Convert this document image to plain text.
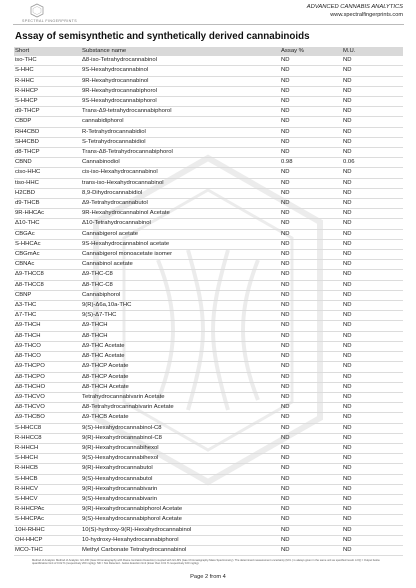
SPECTRAL FINGERPRINTS
ADVANCED CANNABIS ANALYTICS
www.spectralfingerprints.com
Assay of semisynthetic and synthetically derived cannabinoids
Short	Substance name	Assay %	M.U.
iso-THC	Δ8-iso-Tetrahydrocannabinol	ND	ND
S-HHC	9S-Hexahydrocannabinol	ND	ND
R-HHC	9R-Hexahydrocannabinol	ND	ND
R-HHCP	9R-Hexahydrocannabiphorol	ND	ND
S-HHCP	9S-Hexahydrocannabiphorol	ND	ND
d9-THCP	Trans-Δ9-tetrahydrocannabiphorol	ND	ND
CBDP	cannabidiphorol	ND	ND
RH4CBD	R-Tetrahydrocannabidiol	ND	ND
SH4CBD	S-Tetrahydrocannabidiol	ND	ND
d8-THCP	Trans-Δ8-Tetrahydrocannabiphorol	ND	ND
CBND	Cannabinodiol	0.98	0.06
ciso-HHC	cis-iso-Hexahydrocannabinol	ND	ND
tiso-HHC	trans-iso-Hexahydrocannabinol	ND	ND
H2CBD	8,9-Dihydrocannabidiol	ND	ND
d9-THCB	Δ9-Tetrahydrocannabutol	ND	ND
9R-HHCAc	9R-Hexahydrocannabinol Acetate	ND	ND
Δ10-THC	Δ10-Tetrahydrocannabinol	ND	ND
CBGAc	Cannabigerol acetate	ND	ND
S-HHCAc	9S-Hexahydrocannabinol acetate	ND	ND
CBGmAc	Cannabigerol monoacetate isomer	ND	ND
CBNAc	Cannabinol acetate	ND	ND
Δ9-THCC8	Δ9-THC-C8	ND	ND
Δ8-THCC8	Δ8-THC-C8	ND	ND
CBNP	Cannabiphorol	ND	ND
Δ3-THC	9(R)-Δ6a,10a-THC	ND	ND
Δ7-THC	9(S)-Δ7-THC	ND	ND
Δ9-THCH	Δ9-THCH	ND	ND
Δ8-THCH	Δ8-THCH	ND	ND
Δ9-THCO	Δ9-THC Acetate	ND	ND
Δ8-THCO	Δ8-THC Acetate	ND	ND
Δ9-THCPO	Δ9-THCP Acetate	ND	ND
Δ8-THCPO	Δ8-THCP Acetate	ND	ND
Δ8-THCHO	Δ8-THCH Acetate	ND	ND
Δ9-THCVO	Tetrahydrocannabivarin Acetate	ND	ND
Δ8-THCVO	Δ8-Tetrahydrocannabivarin Acetate	ND	ND
Δ9-THCBO	Δ9-THCB Acetate	ND	ND
S-HHCC8	9(S)-Hexahydrocannabinol-C8	ND	ND
R-HHCC8	9(R)-Hexahydrocannabinol-C8	ND	ND
R-HHCH	9(R)-Hexahydrocannabihexol	ND	ND
S-HHCH	9(S)-Hexahydrocannabihexol	ND	ND
R-HHCB	9(R)-Hexahydrocannabutol	ND	ND
S-HHCB	9(S)-Hexahydrocannabutol	ND	ND
R-HHCV	9(R)-Hexahydrocannabivarin	ND	ND
S-HHCV	9(S)-Hexahydrocannabivarin	ND	ND
R-HHCPAc	9(R)-Hexahydrocannabiphorol Acetate	ND	ND
S-HHCPAc	9(S)-Hexahydrocannabiphorol Acetate	ND	ND
10H-RHHC	10(S)-hydroxy-9(R)-Hexahydrocannabinol	ND	ND
OH-HHCP	10-hydroxy-Hexahydrocannabiphorol	ND	ND
MCO-THC	Methyl Carbonate Tetrahydrocannabinol	ND	ND
Method of Analysis: Method of Analysis: GC-FID (Gas Chromatography with Flame Ionization Detection) coupled with GC-MS (Gas Chromatography-Mass Spectrometry). The determined measurement uncertainty (M.U.) is always given in the same unit as specified result. LOQ = Output below quantification limit of 0.02 % (respectively 200 mg/kg). ND = Not Detected - below detection limit (lower than 0.01 % respectively 100 mg/kg).
Page 2 from 4
